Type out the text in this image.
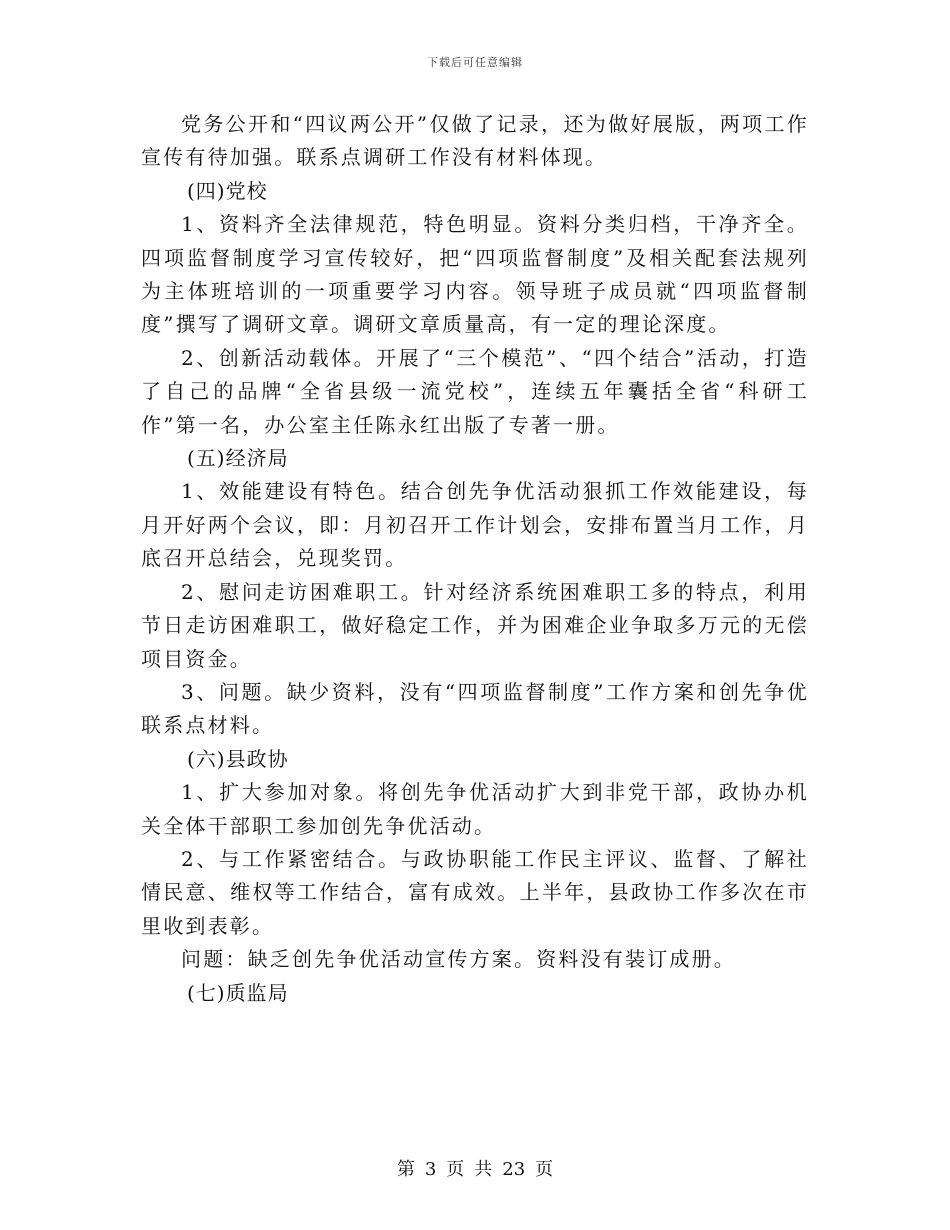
下载后可任意编辑

党务公开和“四议两公开”仅做了记录，还为做好展版，两项工作宣传有待加强。联系点调研工作没有材料体现。

(四)党校

1、资料齐全法律规范，特色明显。资料分类归档，干净齐全。四项监督制度学习宣传较好，把“四项监督制度”及相关配套法规列为主体班培训的一项重要学习内容。领导班子成员就“四项监督制度”撰写了调研文章。调研文章质量高，有一定的理论深度。

2、创新活动载体。开展了“三个模范”、“四个结合”活动，打造了自己的品牌“全省县级一流党校”，连续五年囊括全省“科研工作”第一名，办公室主任陈永红出版了专著一册。

(五)经济局

1、效能建设有特色。结合创先争优活动狠抓工作效能建设，每月开好两个会议，即：月初召开工作计划会，安排布置当月工作，月底召开总结会，兑现奖罚。

2、慰问走访困难职工。针对经济系统困难职工多的特点，利用节日走访困难职工，做好稳定工作，并为困难企业争取多万元的无偿项目资金。

3、问题。缺少资料，没有“四项监督制度”工作方案和创先争优联系点材料。

(六)县政协

1、扩大参加对象。将创先争优活动扩大到非党干部，政协办机关全体干部职工参加创先争优活动。

2、与工作紧密结合。与政协职能工作民主评议、监督、了解社情民意、维权等工作结合，富有成效。上半年，县政协工作多次在市里收到表彰。

问题：缺乏创先争优活动宣传方案。资料没有装订成册。

(七)质监局

第 3 页 共 23 页
